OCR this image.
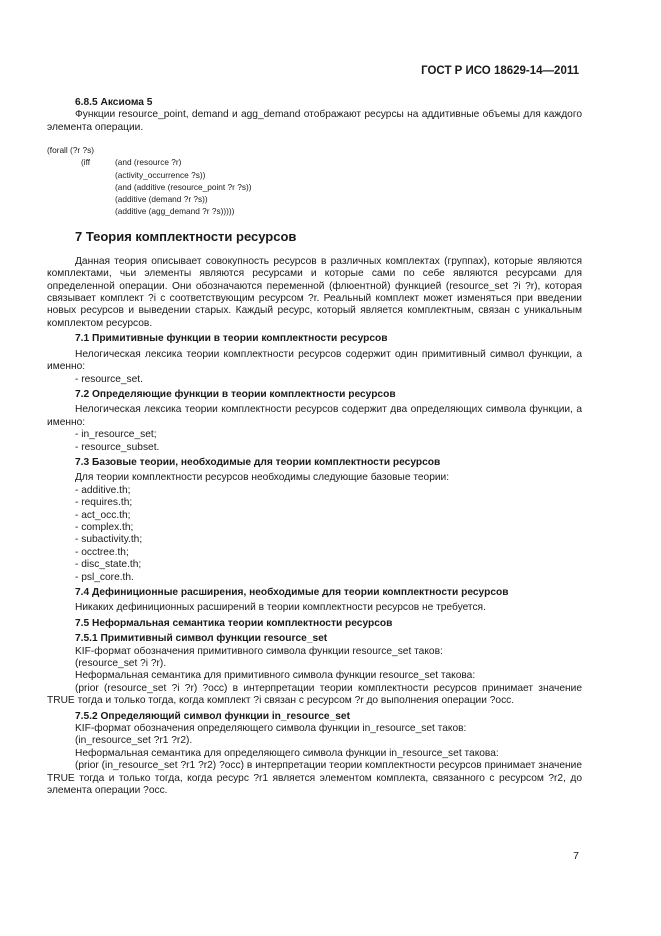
ГОСТ Р ИСО 18629-14—2011
6.8.5 Аксиома 5

Функции resource_point, demand и agg_demand отображают ресурсы на аддитивные объемы для каждого элемента операции.

(forall (?r ?s)
(iff	(and (resource ?r)
(activity_occurrence ?s))
(and (additive (resource_point ?r ?s))
(additive (demand ?r ?s))
(additive (agg_demand ?r ?s)))))
7 Теория комплектности ресурсов

Данная теория описывает совокупность ресурсов в различных комплектах (группах), которые являются комплектами, чьи элементы являются ресурсами и которые сами по себе являются ресурсами для определенной операции. Они обозначаются переменной (флюентной) функцией (resource_set ?i ?r), которая связывает комплект ?i с соответствующим ресурсом ?r. Реальный комплект может изменяться при введении новых ресурсов и выведении старых. Каждый ресурс, который является комплектным, связан с уникальным комплектом ресурсов.

7.1 Примитивные функции в теории комплектности ресурсов

Нелогическая лексика теории комплектности ресурсов содержит один примитивный символ функции, а именно:

- resource_set.
7.2 Определяющие функции в теории комплектности ресурсов

Нелогическая лексика теории комплектности ресурсов содержит два определяющих символа функции, а именно:

- in_resource_set;
- resource_subset.
7.3 Базовые теории, необходимые для теории комплектности ресурсов

Для теории комплектности ресурсов необходимы следующие базовые теории:

- additive.th;
- requires.th;
- act_occ.th;
- complex.th;
- subactivity.th;
- occtree.th;
- disc_state.th;
- psl_core.th.
7.4 Дефиниционные расширения, необходимые для теории комплектности ресурсов

Никаких дефиниционных расширений в теории комплектности ресурсов не требуется.

7.5 Неформальная семантика теории комплектности ресурсов
7.5.1 Примитивный символ функции resource_set

KIF-формат обозначения примитивного символа функции resource_set таков:

(resource_set ?i ?r).

Неформальная семантика для примитивного символа функции resource_set такова:

(prior (resource_set ?i ?r) ?occ) в интерпретации теории комплектности ресурсов принимает значение TRUE тогда и только тогда, когда комплект ?i связан с ресурсом ?r до выполнения операции ?occ.

7.5.2 Определяющий символ функции in_resource_set

KIF-формат обозначения определяющего символа функции in_resource_set таков:

(in_resource_set ?r1 ?r2).

Неформальная семантика для определяющего символа функции in_resource_set такова:

(prior (in_resource_set ?r1 ?r2) ?occ) в интерпретации теории комплектности ресурсов принимает значение TRUE тогда и только тогда, когда ресурс ?r1 является элементом комплекта, связанного с ресурсом ?r2, до элемента операции ?occ.

7
